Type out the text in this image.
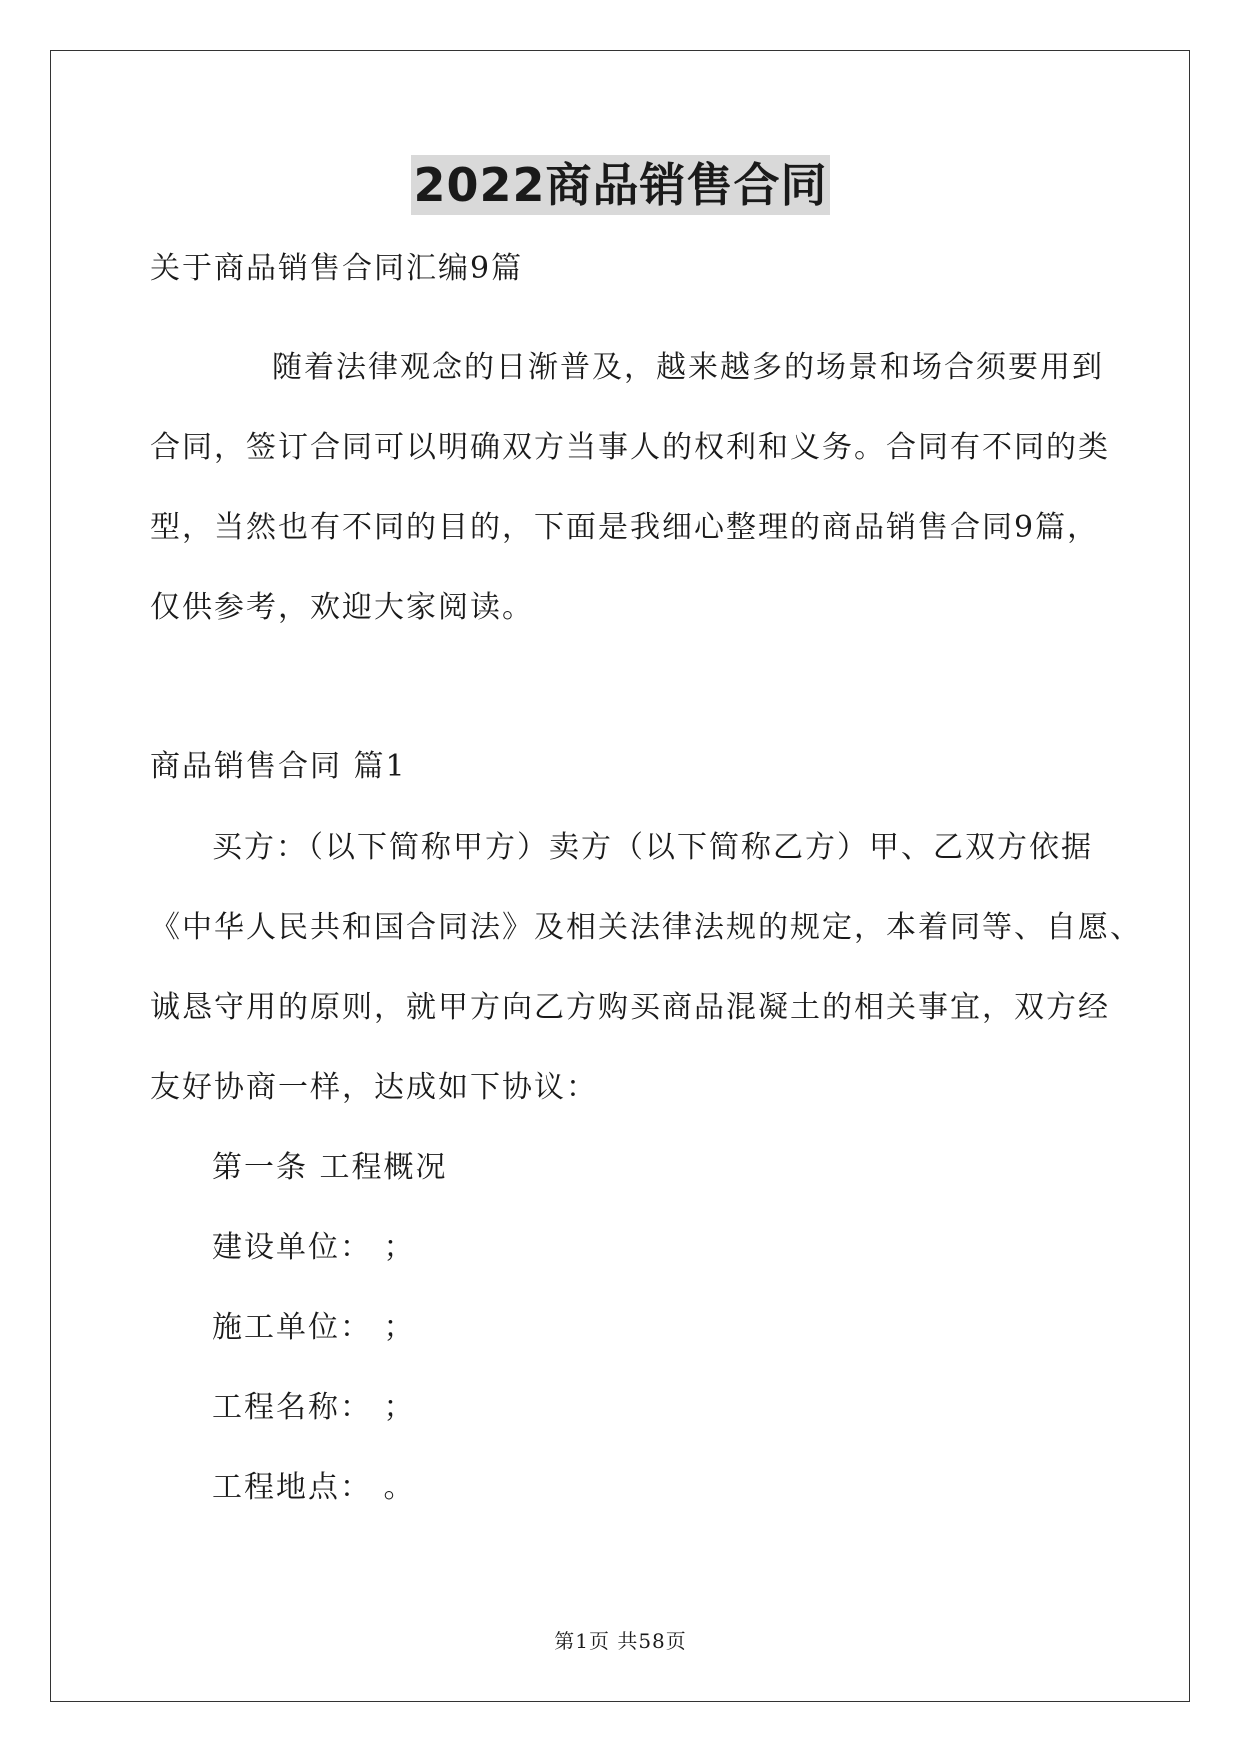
2022商品销售合同
关于商品销售合同汇编9篇
随着法律观念的日渐普及，越来越多的场景和场合须要用到
合同，签订合同可以明确双方当事人的权利和义务。合同有不同的类
型，当然也有不同的目的，下面是我细心整理的商品销售合同9篇，
仅供参考，欢迎大家阅读。
商品销售合同 篇1
买方：（以下简称甲方）卖方（以下简称乙方）甲、乙双方依据
《中华人民共和国合同法》及相关法律法规的规定，本着同等、自愿、
诚恳守用的原则，就甲方向乙方购买商品混凝土的相关事宜，双方经
友好协商一样，达成如下协议：
第一条 工程概况
建设单位： ；
施工单位： ；
工程名称： ；
工程地点： 。
第1页 共58页
